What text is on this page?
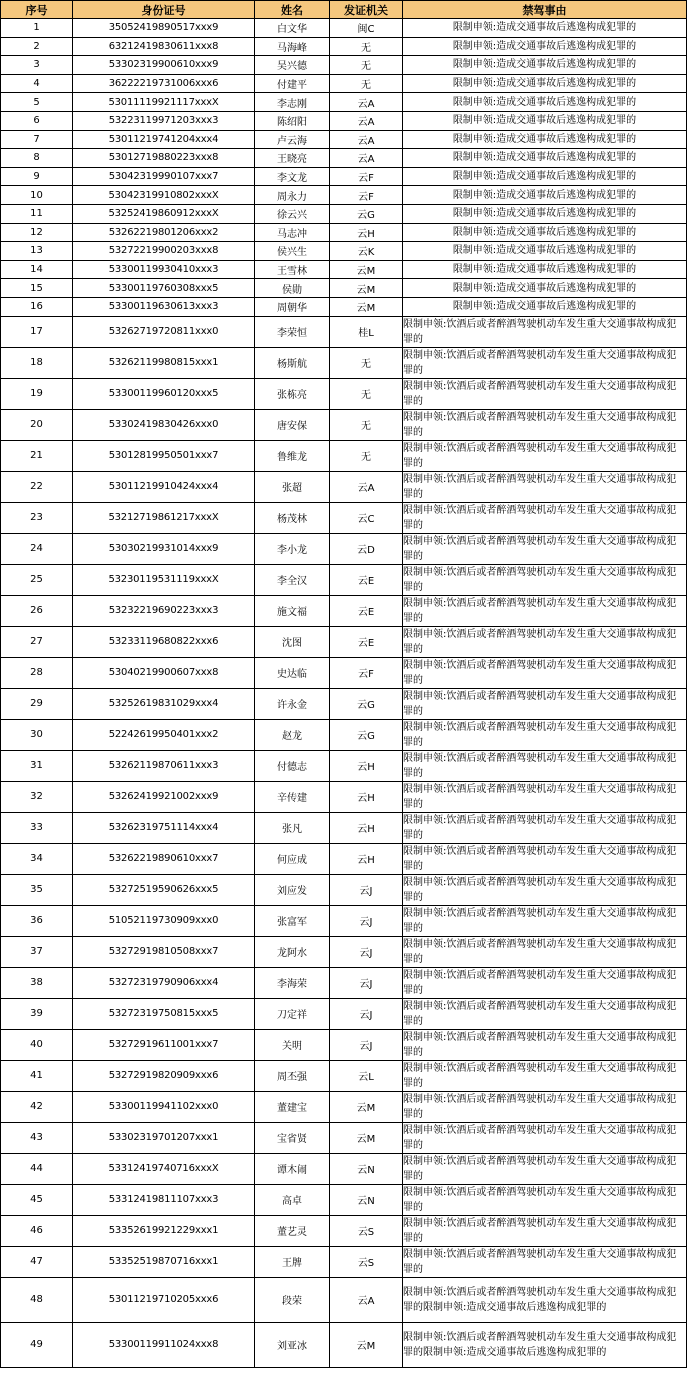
序号	身份证号	姓名	发证机关	禁驾事由
1	35052419890517xxx9	白文华	闽C	限制申领:造成交通事故后逃逸构成犯罪的
2	63212419830611xxx8	马海峰	无	限制申领:造成交通事故后逃逸构成犯罪的
3	53302319900610xxx9	吴兴德	无	限制申领:造成交通事故后逃逸构成犯罪的
4	36222219731006xxx6	付建平	无	限制申领:造成交通事故后逃逸构成犯罪的
5	53011119921117xxxX	李志刚	云A	限制申领:造成交通事故后逃逸构成犯罪的
6	53223119971203xxx3	陈绍阳	云A	限制申领:造成交通事故后逃逸构成犯罪的
7	53011219741204xxx4	卢云海	云A	限制申领:造成交通事故后逃逸构成犯罪的
8	53012719880223xxx8	王晓亮	云A	限制申领:造成交通事故后逃逸构成犯罪的
9	53042319990107xxx7	李文龙	云F	限制申领:造成交通事故后逃逸构成犯罪的
10	53042319910802xxxX	周永力	云F	限制申领:造成交通事故后逃逸构成犯罪的
11	53252419860912xxxX	徐云兴	云G	限制申领:造成交通事故后逃逸构成犯罪的
12	53262219801206xxx2	马志冲	云H	限制申领:造成交通事故后逃逸构成犯罪的
13	53272219900203xxx8	侯兴生	云K	限制申领:造成交通事故后逃逸构成犯罪的
14	53300119930410xxx3	王雪林	云M	限制申领:造成交通事故后逃逸构成犯罪的
15	53300119760308xxx5	侯勋	云M	限制申领:造成交通事故后逃逸构成犯罪的
16	53300119630613xxx3	周朝华	云M	限制申领:造成交通事故后逃逸构成犯罪的
17	53262719720811xxx0	李荣恒	桂L	限制申领:饮酒后或者醉酒驾驶机动车发生重大交通事故构成犯罪的
18	53262119980815xxx1	杨斯航	无	限制申领:饮酒后或者醉酒驾驶机动车发生重大交通事故构成犯罪的
19	53300119960120xxx5	张栋亮	无	限制申领:饮酒后或者醉酒驾驶机动车发生重大交通事故构成犯罪的
20	53302419830426xxx0	唐安保	无	限制申领:饮酒后或者醉酒驾驶机动车发生重大交通事故构成犯罪的
21	53012819950501xxx7	鲁维龙	无	限制申领:饮酒后或者醉酒驾驶机动车发生重大交通事故构成犯罪的
22	53011219910424xxx4	张超	云A	限制申领:饮酒后或者醉酒驾驶机动车发生重大交通事故构成犯罪的
23	53212719861217xxxX	杨茂林	云C	限制申领:饮酒后或者醉酒驾驶机动车发生重大交通事故构成犯罪的
24	53030219931014xxx9	李小龙	云D	限制申领:饮酒后或者醉酒驾驶机动车发生重大交通事故构成犯罪的
25	53230119531119xxxX	李全汉	云E	限制申领:饮酒后或者醉酒驾驶机动车发生重大交通事故构成犯罪的
26	53232219690223xxx3	施文福	云E	限制申领:饮酒后或者醉酒驾驶机动车发生重大交通事故构成犯罪的
27	53233119680822xxx6	沈图	云E	限制申领:饮酒后或者醉酒驾驶机动车发生重大交通事故构成犯罪的
28	53040219900607xxx8	史达临	云F	限制申领:饮酒后或者醉酒驾驶机动车发生重大交通事故构成犯罪的
29	53252619831029xxx4	许永金	云G	限制申领:饮酒后或者醉酒驾驶机动车发生重大交通事故构成犯罪的
30	52242619950401xxx2	赵龙	云G	限制申领:饮酒后或者醉酒驾驶机动车发生重大交通事故构成犯罪的
31	53262119870611xxx3	付德志	云H	限制申领:饮酒后或者醉酒驾驶机动车发生重大交通事故构成犯罪的
32	53262419921002xxx9	辛传建	云H	限制申领:饮酒后或者醉酒驾驶机动车发生重大交通事故构成犯罪的
33	53262319751114xxx4	张凡	云H	限制申领:饮酒后或者醉酒驾驶机动车发生重大交通事故构成犯罪的
34	53262219890610xxx7	何应成	云H	限制申领:饮酒后或者醉酒驾驶机动车发生重大交通事故构成犯罪的
35	53272519590626xxx5	刘应发	云J	限制申领:饮酒后或者醉酒驾驶机动车发生重大交通事故构成犯罪的
36	51052119730909xxx0	张富军	云J	限制申领:饮酒后或者醉酒驾驶机动车发生重大交通事故构成犯罪的
37	53272919810508xxx7	龙阿水	云J	限制申领:饮酒后或者醉酒驾驶机动车发生重大交通事故构成犯罪的
38	53272319790906xxx4	李海荣	云J	限制申领:饮酒后或者醉酒驾驶机动车发生重大交通事故构成犯罪的
39	53272319750815xxx5	刀定祥	云J	限制申领:饮酒后或者醉酒驾驶机动车发生重大交通事故构成犯罪的
40	53272919611001xxx7	关明	云J	限制申领:饮酒后或者醉酒驾驶机动车发生重大交通事故构成犯罪的
41	53272919820909xxx6	周丕强	云L	限制申领:饮酒后或者醉酒驾驶机动车发生重大交通事故构成犯罪的
42	53300119941102xxx0	董建宝	云M	限制申领:饮酒后或者醉酒驾驶机动车发生重大交通事故构成犯罪的
43	53302319701207xxx1	宝省贤	云M	限制申领:饮酒后或者醉酒驾驶机动车发生重大交通事故构成犯罪的
44	53312419740716xxxX	谭木闹	云N	限制申领:饮酒后或者醉酒驾驶机动车发生重大交通事故构成犯罪的
45	53312419811107xxx3	高卓	云N	限制申领:饮酒后或者醉酒驾驶机动车发生重大交通事故构成犯罪的
46	53352619921229xxx1	董艺灵	云S	限制申领:饮酒后或者醉酒驾驶机动车发生重大交通事故构成犯罪的
47	53352519870716xxx1	王牌	云S	限制申领:饮酒后或者醉酒驾驶机动车发生重大交通事故构成犯罪的
48	53011219710205xxx6	段荣	云A	限制申领:饮酒后或者醉酒驾驶机动车发生重大交通事故构成犯罪的限制申领:造成交通事故后逃逸构成犯罪的
49	53300119911024xxx8	刘亚冰	云M	限制申领:饮酒后或者醉酒驾驶机动车发生重大交通事故构成犯罪的限制申领:造成交通事故后逃逸构成犯罪的
